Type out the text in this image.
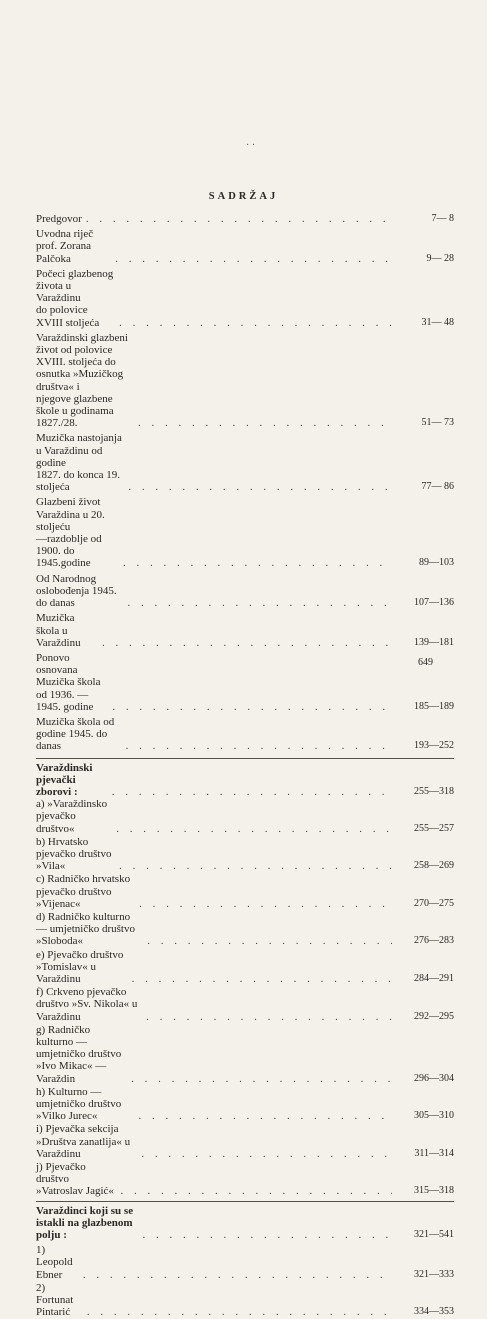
· ·
SADRŽAJ
Predgovor . . .	7— 8
Uvodna riječ prof. Zorana Palčoka . . .	9— 28
Počeci glazbenog života u Varaždinu
do polovice XVIII stoljeća . . .	31— 48
Varaždinski glazbeni život od polovice
XVIII. stoljeća do osnutka »Muzičkog društva« i
njegove glazbene škole u godinama 1827./28. . . .	51— 73
Muzička nastojanja u Varaždinu od godine
1827. do konca 19. stoljeća . . .	77— 86
Glazbeni život Varaždina u 20. stoljeću
—razdoblje od 1900. do 1945.godine . . .	89—103
Od Narodnog oslobođenja 1945. do danas . . .	107—136
Muzička škola u Varaždinu . . .	139—181
Ponovo osnovana Muzička škola
od 1936. — 1945. godine . . .	185—189
Muzička škola od godine 1945. do danas . . .	193—252
Varaždinski pjevački zborovi : . . .	255—318
a) »Varaždinsko pjevačko društvo« . . .	255—257
b) Hrvatsko pjevačko društvo »Vila« . . .	258—269
c) Radničko hrvatsko pjevačko društvo »Vijenac« . . .	270—275
d) Radničko kulturno — umjetničko društvo »Sloboda« . . .	276—283
e) Pjevačko društvo »Tomislav« u Varaždinu . . .	284—291
f) Crkveno pjevačko društvo »Sv. Nikola« u Varaždinu . . .	292—295
g) Radničko kulturno — umjetničko društvo
»Ivo Mikac« — Varaždin . . .	296—304
h) Kulturno — umjetničko društvo »Vilko Jurec« . . .	305—310
i) Pjevačka sekcija »Društva zanatlija« u Varaždinu . . .	311—314
j) Pjevačko društvo »Vatroslav Jagić« . . .	315—318
Varaždinci koji su se istakli na glazbenom polju : . . .	321—541
1) Leopold Ebner . . .	321—333
2) Fortunat Pintarić . . .	334—353
649
